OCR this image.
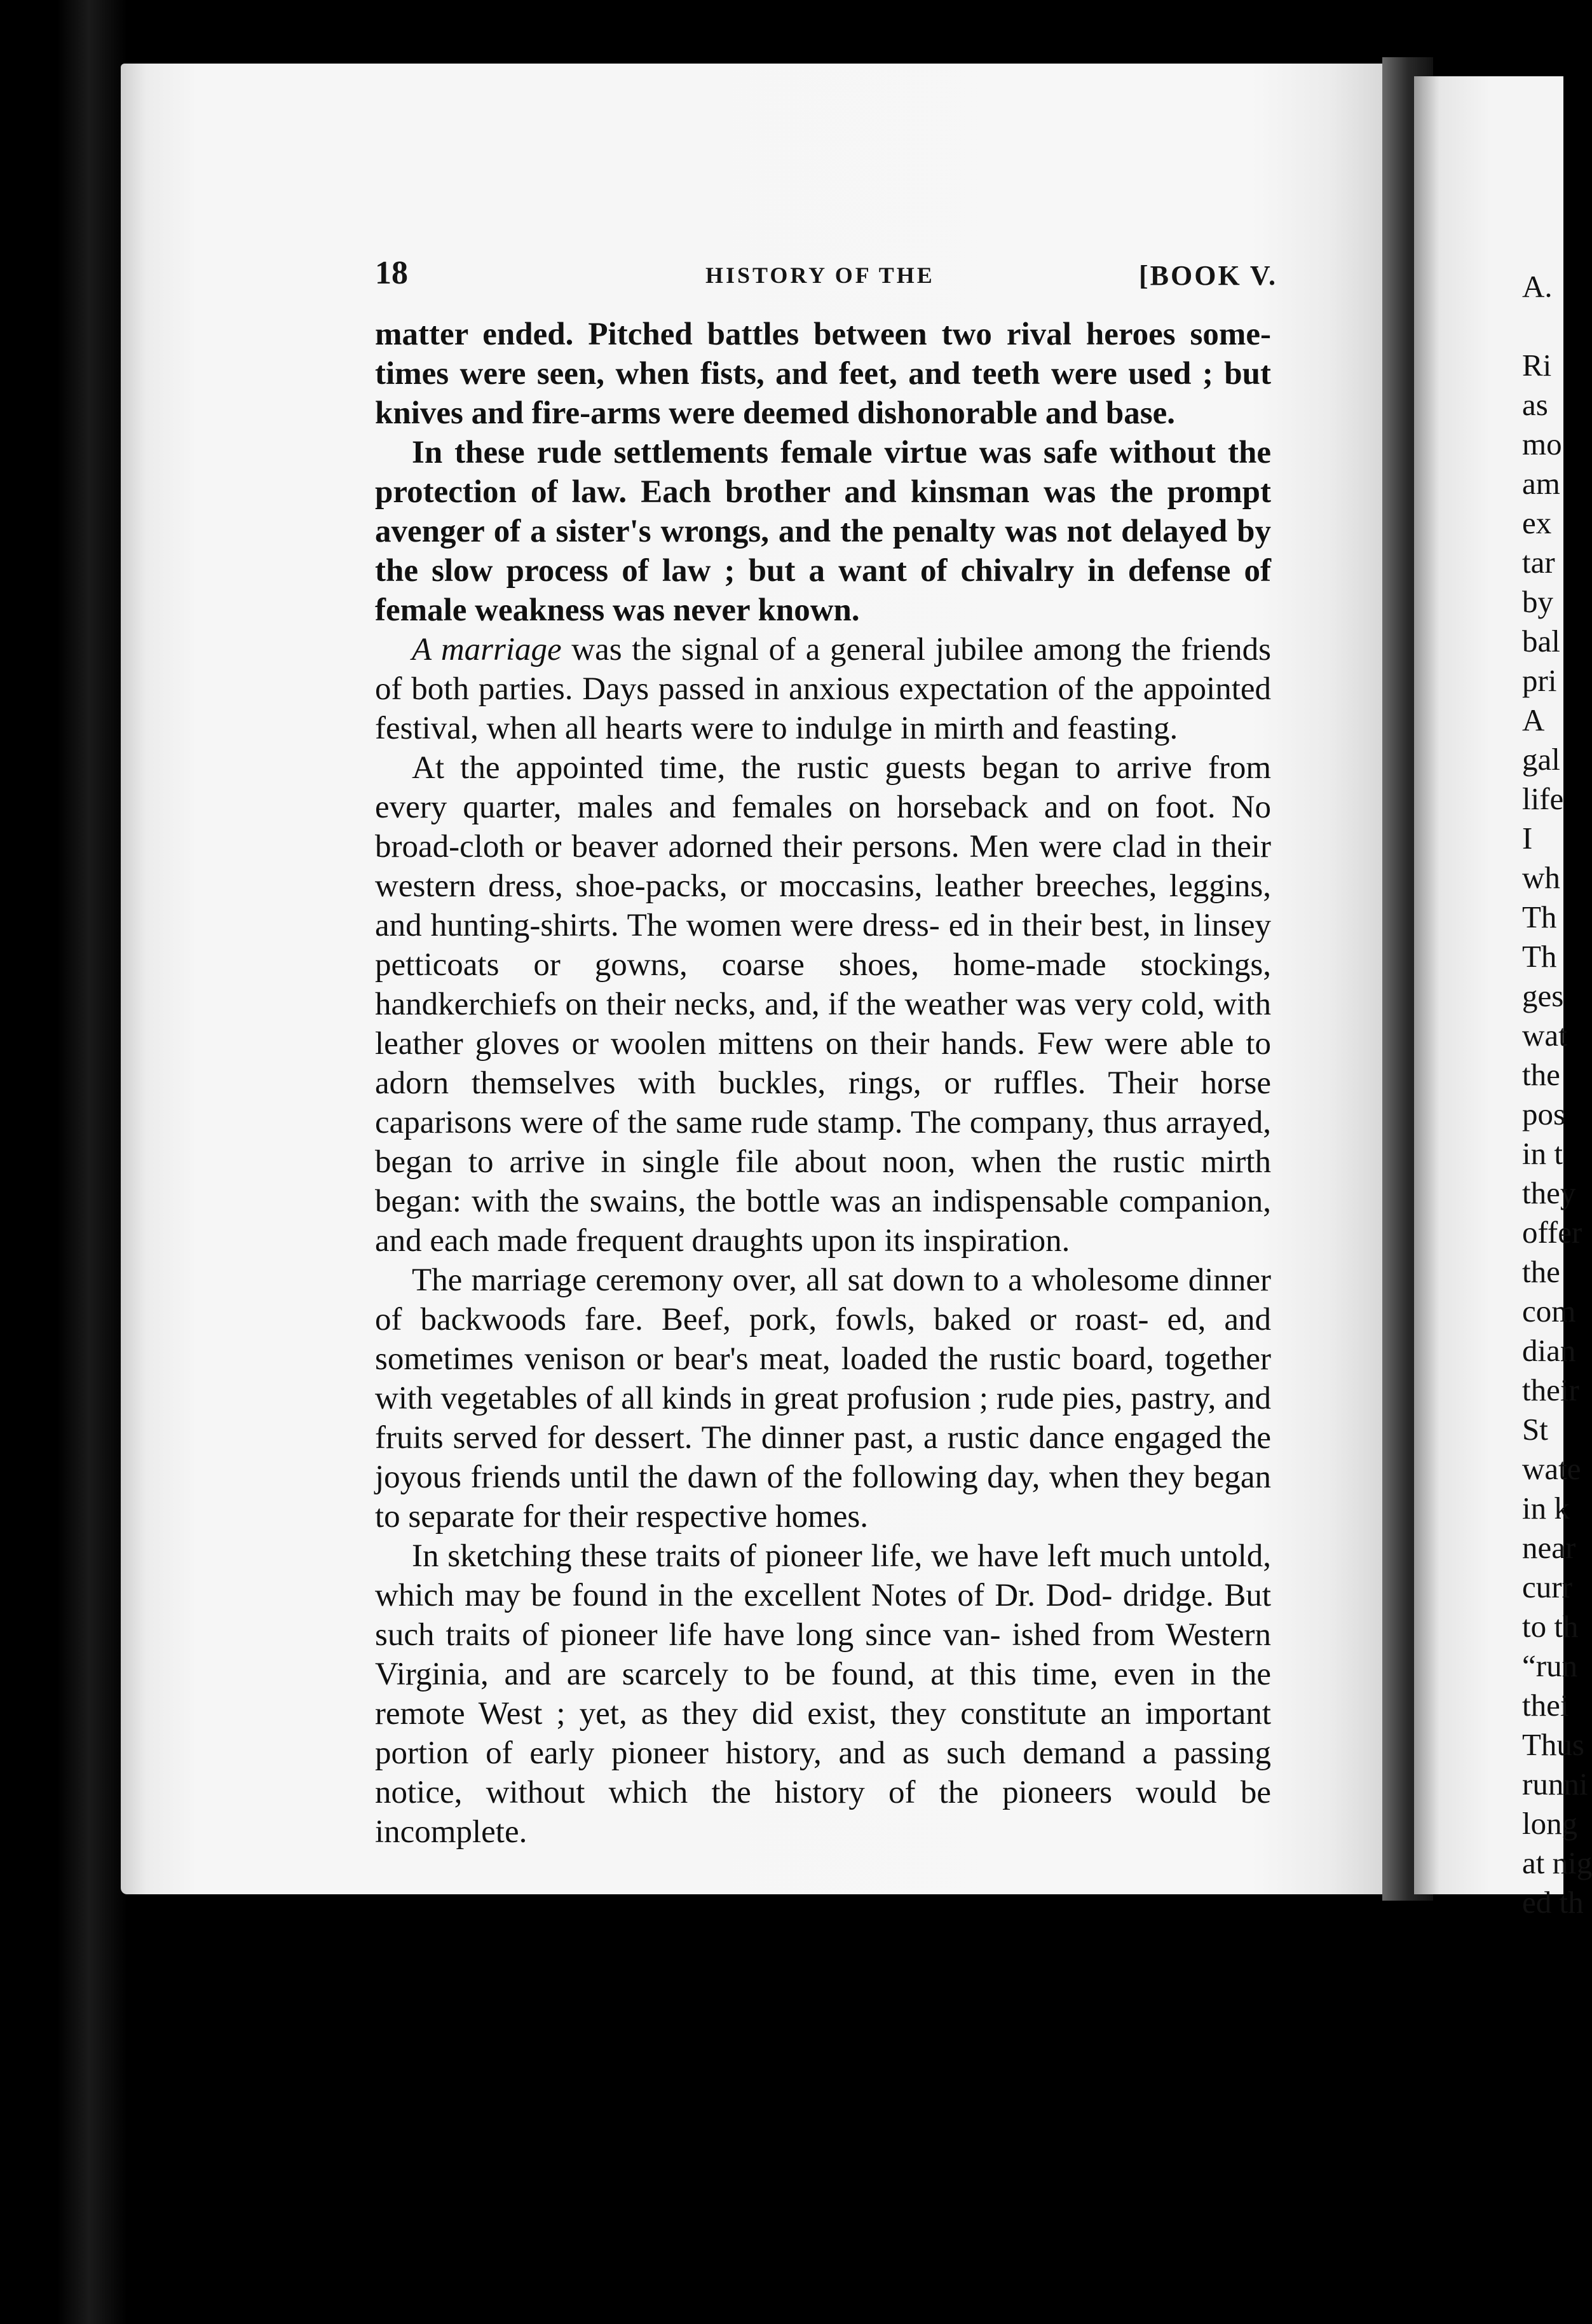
18	HISTORY OF THE	[BOOK V.

matter ended. Pitched battles between two rival heroes some- times were seen, when fists, and feet, and teeth were used ; but knives and fire-arms were deemed dishonorable and base.

In these rude settlements female virtue was safe without the protection of law. Each brother and kinsman was the prompt avenger of a sister's wrongs, and the penalty was not delayed by the slow process of law ; but a want of chivalry in defense of female weakness was never known.

A marriage was the signal of a general jubilee among the friends of both parties. Days passed in anxious expectation of the appointed festival, when all hearts were to indulge in mirth and feasting.

At the appointed time, the rustic guests began to arrive from every quarter, males and females on horseback and on foot. No broad-cloth or beaver adorned their persons. Men were clad in their western dress, shoe-packs, or moccasins, leather breeches, leggins, and hunting-shirts. The women were dress- ed in their best, in linsey petticoats or gowns, coarse shoes, home-made stockings, handkerchiefs on their necks, and, if the weather was very cold, with leather gloves or woolen mittens on their hands. Few were able to adorn themselves with buckles, rings, or ruffles. Their horse caparisons were of the same rude stamp. The company, thus arrayed, began to arrive in single file about noon, when the rustic mirth began: with the swains, the bottle was an indispensable companion, and each made frequent draughts upon its inspiration.

The marriage ceremony over, all sat down to a wholesome dinner of backwoods fare. Beef, pork, fowls, baked or roast- ed, and sometimes venison or bear's meat, loaded the rustic board, together with vegetables of all kinds in great profusion ; rude pies, pastry, and fruits served for dessert. The dinner past, a rustic dance engaged the joyous friends until the dawn of the following day, when they began to separate for their respective homes.

In sketching these traits of pioneer life, we have left much untold, which may be found in the excellent Notes of Dr. Dod- dridge. But such traits of pioneer life have long since van- ished from Western Virginia, and are scarcely to be found, at this time, even in the remote West ; yet, as they did exist, they constitute an important portion of early pioneer history, and as such demand a passing notice, without which the history of the pioneers would be incomplete.

A.
Ri
as
mo
am
ex
tar
by
bal
pri
A
gal
life
I
wh
Th
Th
ges
wat
the
pos
in t
they
offer
the
com
dian
their
St
wate
in k
near
curr
to th
“run
thei
Thus
runni
long
at nig
ed th
